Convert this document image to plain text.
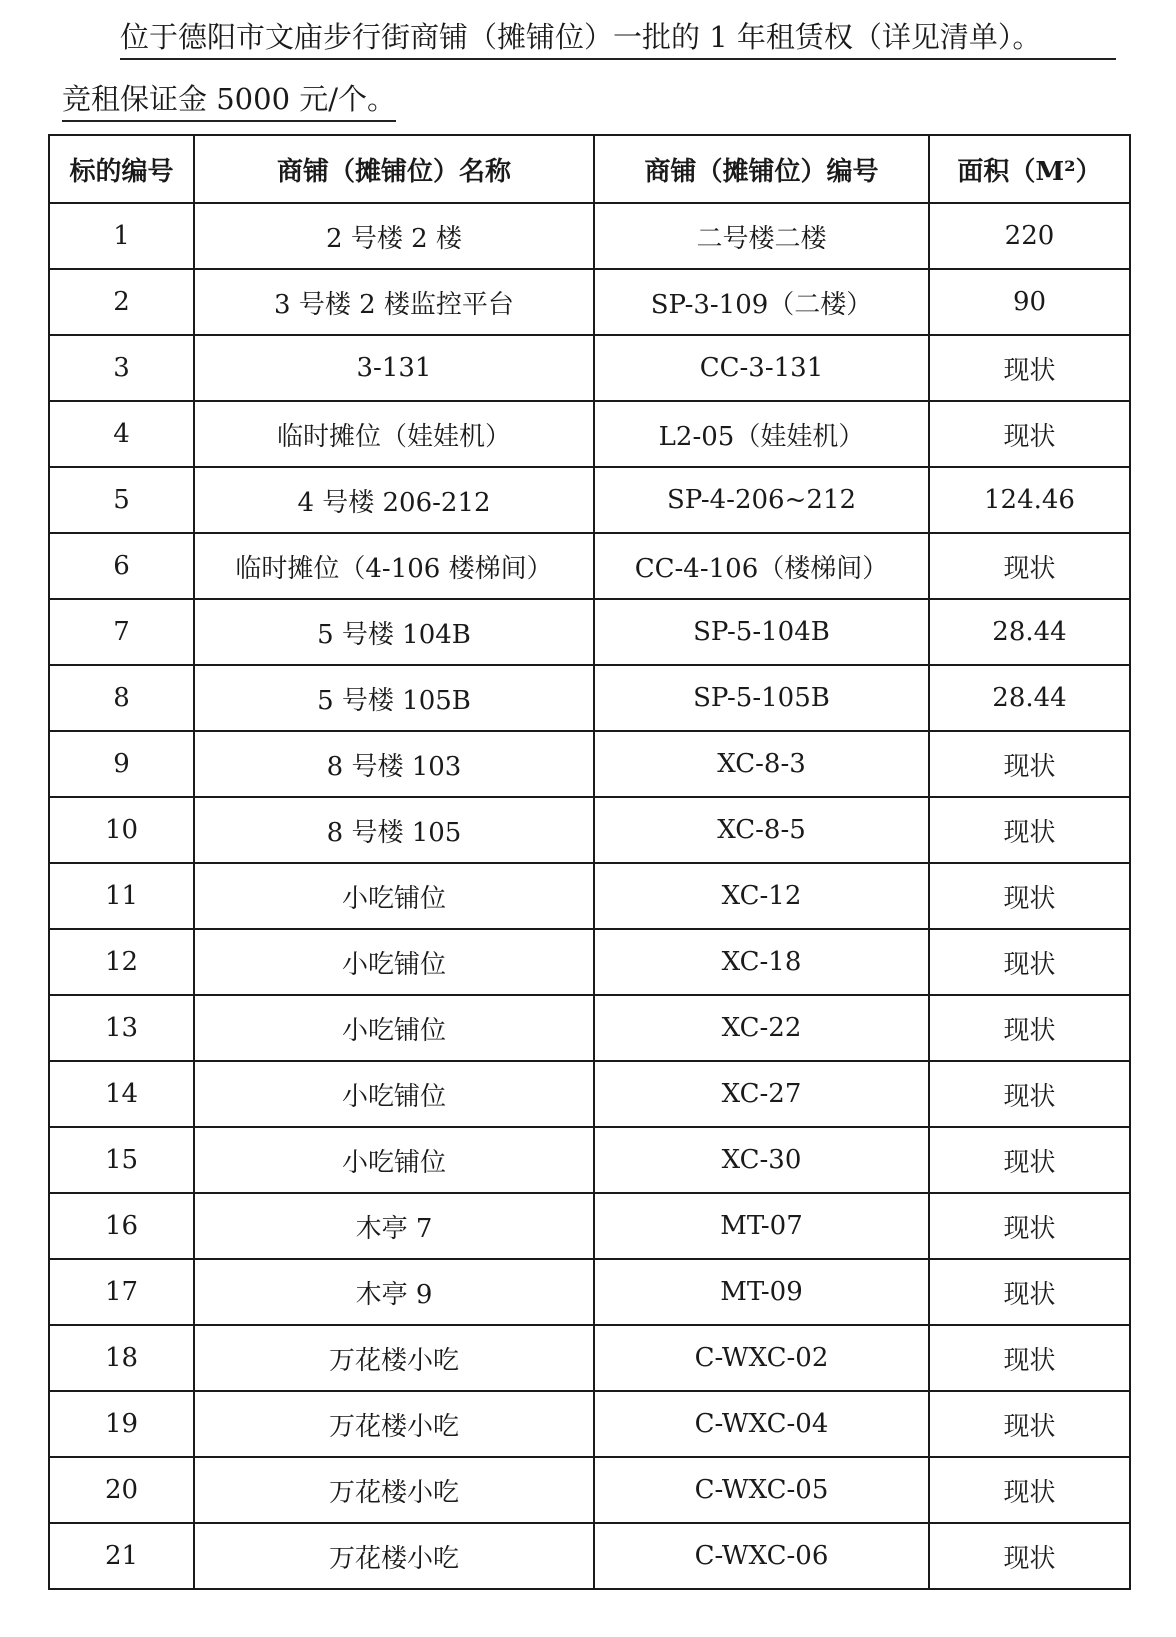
位于德阳市文庙步行街商铺（摊铺位）一批的 1 年租赁权（详见清单）。
竞租保证金 5000 元/个。
标的编号	商铺（摊铺位）名称	商铺（摊铺位）编号	面积（M²）
1	2 号楼 2 楼	二号楼二楼	220
2	3 号楼 2 楼监控平台	SP-3-109（二楼）	90
3	3-131	CC-3-131	现状
4	临时摊位（娃娃机）	L2-05（娃娃机）	现状
5	4 号楼 206-212	SP-4-206~212	124.46
6	临时摊位（4-106 楼梯间）	CC-4-106（楼梯间）	现状
7	5 号楼 104B	SP-5-104B	28.44
8	5 号楼 105B	SP-5-105B	28.44
9	8 号楼 103	XC-8-3	现状
10	8 号楼 105	XC-8-5	现状
11	小吃铺位	XC-12	现状
12	小吃铺位	XC-18	现状
13	小吃铺位	XC-22	现状
14	小吃铺位	XC-27	现状
15	小吃铺位	XC-30	现状
16	木亭 7	MT-07	现状
17	木亭 9	MT-09	现状
18	万花楼小吃	C-WXC-02	现状
19	万花楼小吃	C-WXC-04	现状
20	万花楼小吃	C-WXC-05	现状
21	万花楼小吃	C-WXC-06	现状
